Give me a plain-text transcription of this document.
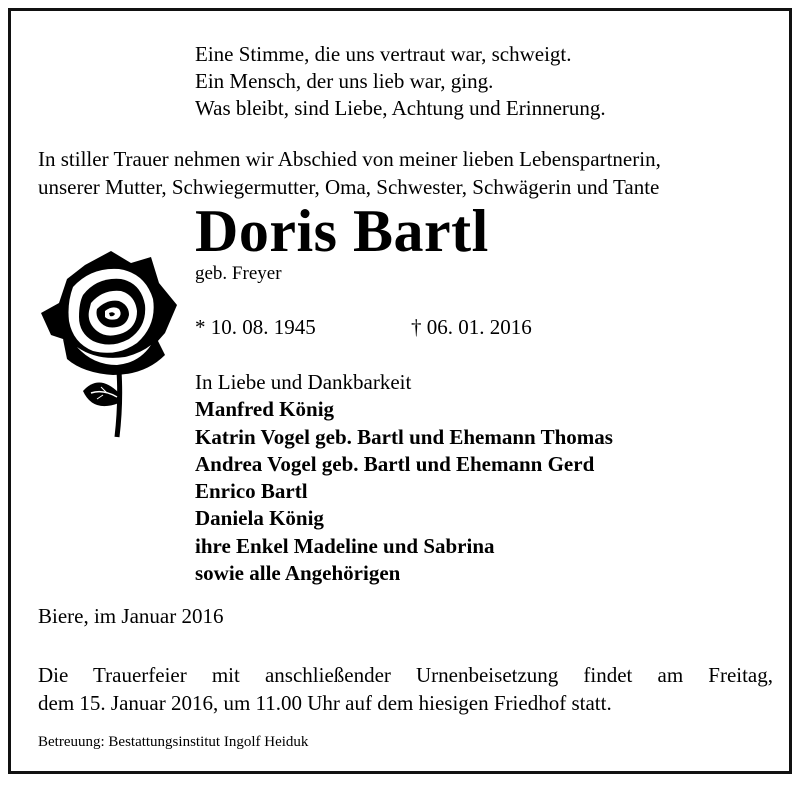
Eine Stimme, die uns vertraut war, schweigt.
Ein Mensch, der uns lieb war, ging.
Was bleibt, sind Liebe, Achtung und Erinnerung.
In stiller Trauer nehmen wir Abschied von meiner lieben Lebenspartnerin,
unserer Mutter, Schwiegermutter, Oma, Schwester, Schwägerin und Tante
Doris Bartl
geb. Freyer
* 10. 08. 1945	† 06. 01. 2016
In Liebe und Dankbarkeit
Manfred König
Katrin Vogel geb. Bartl und Ehemann Thomas
Andrea Vogel geb. Bartl und Ehemann Gerd
Enrico Bartl
Daniela König
ihre Enkel Madeline und Sabrina
sowie alle Angehörigen
Biere, im Januar 2016
Die Trauerfeier mit anschließender Urnenbeisetzung findet am Freitag,
dem 15. Januar 2016, um 11.00 Uhr auf dem hiesigen Friedhof statt.
Betreuung: Bestattungsinstitut Ingolf Heiduk
